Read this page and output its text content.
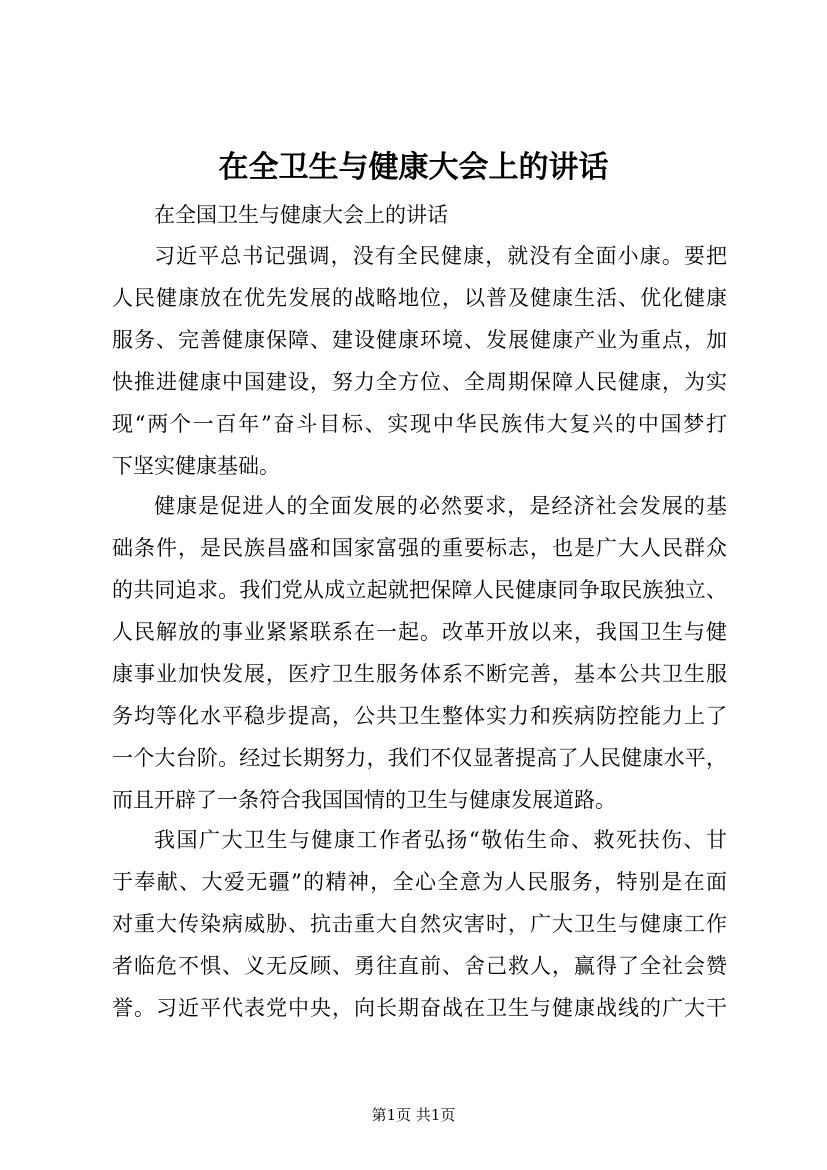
在全卫生与健康大会上的讲话
在全国卫生与健康大会上的讲话
习近平总书记强调，没有全民健康，就没有全面小康。要把
人民健康放在优先发展的战略地位，以普及健康生活、优化健康
服务、完善健康保障、建设健康环境、发展健康产业为重点，加
快推进健康中国建设，努力全方位、全周期保障人民健康，为实
现“两个一百年”奋斗目标、实现中华民族伟大复兴的中国梦打
下坚实健康基础。
健康是促进人的全面发展的必然要求，是经济社会发展的基
础条件，是民族昌盛和国家富强的重要标志，也是广大人民群众
的共同追求。我们党从成立起就把保障人民健康同争取民族独立、
人民解放的事业紧紧联系在一起。改革开放以来，我国卫生与健
康事业加快发展，医疗卫生服务体系不断完善，基本公共卫生服
务均等化水平稳步提高，公共卫生整体实力和疾病防控能力上了
一个大台阶。经过长期努力，我们不仅显著提高了人民健康水平，
而且开辟了一条符合我国国情的卫生与健康发展道路。
我国广大卫生与健康工作者弘扬“敬佑生命、救死扶伤、甘
于奉献、大爱无疆”的精神，全心全意为人民服务，特别是在面
对重大传染病威胁、抗击重大自然灾害时，广大卫生与健康工作
者临危不惧、义无反顾、勇往直前、舍己救人，赢得了全社会赞
誉。习近平代表党中央，向长期奋战在卫生与健康战线的广大干
第1页 共1页
